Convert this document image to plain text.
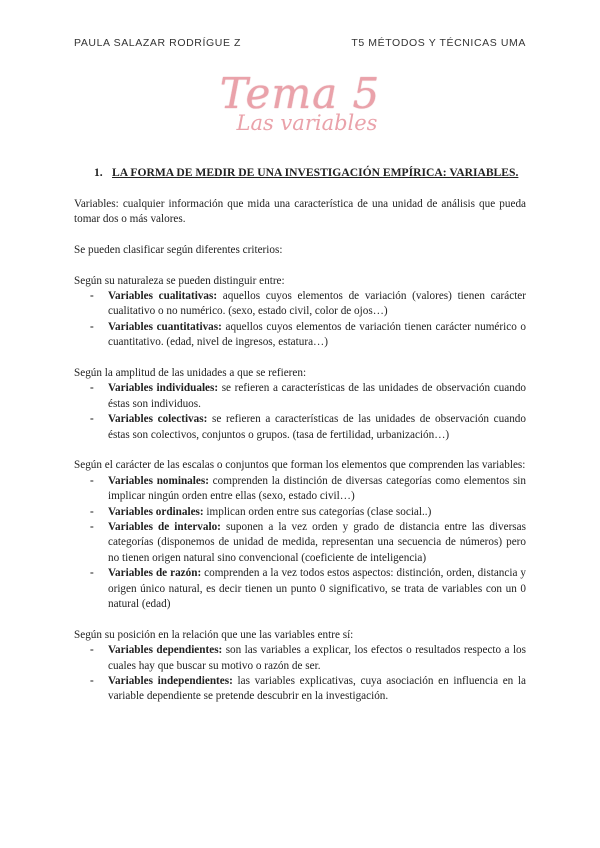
PAULA SALAZAR RODRÍGUE Z	T5 MÉTODOS Y TÉCNICAS UMA
Tema 5
Las variables
1. LA FORMA DE MEDIR DE UNA INVESTIGACIÓN EMPÍRICA: VARIABLES.

Variables: cualquier información que mida una característica de una unidad de análisis que pueda tomar dos o más valores.

Se pueden clasificar según diferentes criterios:

Según su naturaleza se pueden distinguir entre:

- Variables cualitativas: aquellos cuyos elementos de variación (valores) tienen carácter cualitativo o no numérico. (sexo, estado civil, color de ojos…)
- Variables cuantitativas: aquellos cuyos elementos de variación tienen carácter numérico o cuantitativo. (edad, nivel de ingresos, estatura…)

Según la amplitud de las unidades a que se refieren:

- Variables individuales: se refieren a características de las unidades de observación cuando éstas son individuos.
- Variables colectivas: se refieren a características de las unidades de observación cuando éstas son colectivos, conjuntos o grupos. (tasa de fertilidad, urbanización…)

Según el carácter de las escalas o conjuntos que forman los elementos que comprenden las variables:

- Variables nominales: comprenden la distinción de diversas categorías como elementos sin implicar ningún orden entre ellas (sexo, estado civil…)
- Variables ordinales: implican orden entre sus categorías (clase social..)
- Variables de intervalo: suponen a la vez orden y grado de distancia entre las diversas categorías (disponemos de unidad de medida, representan una secuencia de números) pero no tienen origen natural sino convencional (coeficiente de inteligencia)
- Variables de razón: comprenden a la vez todos estos aspectos: distinción, orden, distancia y origen único natural, es decir tienen un punto 0 significativo, se trata de variables con un 0 natural (edad)

Según su posición en la relación que une las variables entre sí:

- Variables dependientes: son las variables a explicar, los efectos o resultados respecto a los cuales hay que buscar su motivo o razón de ser.
- Variables independientes: las variables explicativas, cuya asociación en influencia en la variable dependiente se pretende descubrir en la investigación.
